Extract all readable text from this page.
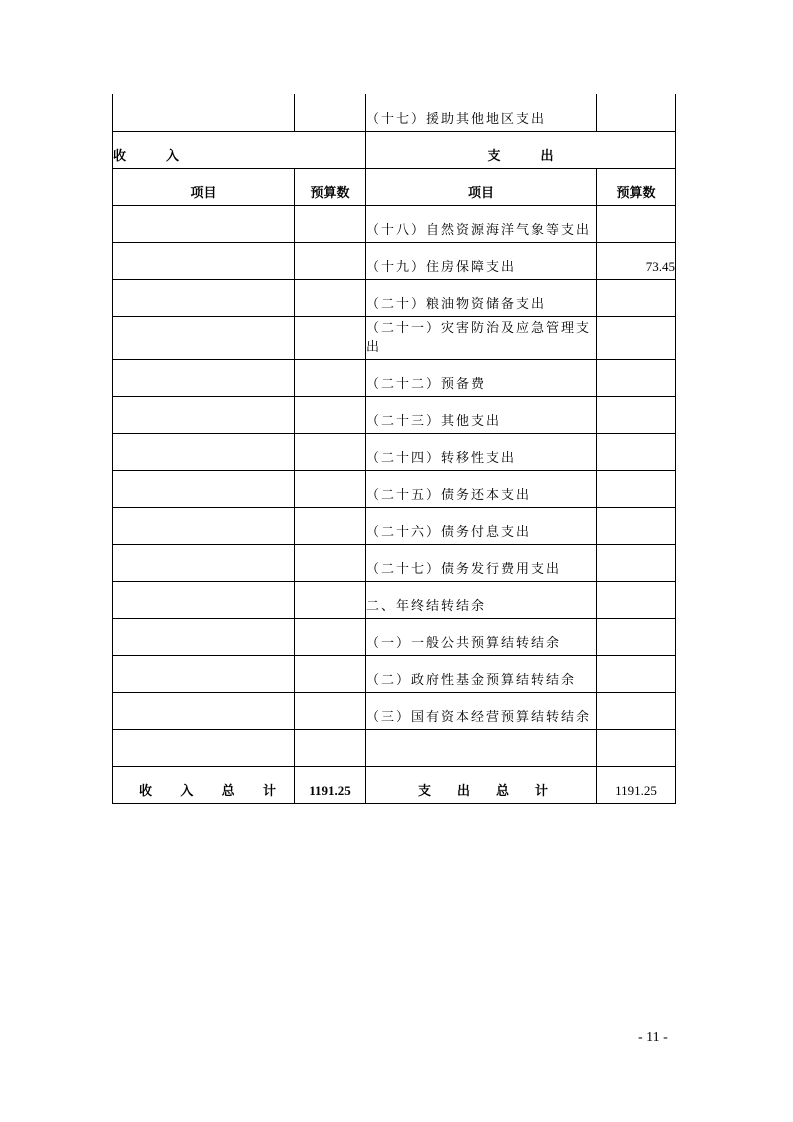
		（十七）援助其他地区支出	
收 入		支 出	
项目	预算数	项目	预算数
		（十八）自然资源海洋气象等支出	
		（十九）住房保障支出	73.45
		（二十）粮油物资储备支出	
		（二十一）灾害防治及应急管理支出	
		（二十二）预备费	
		（二十三）其他支出	
		（二十四）转移性支出	
		（二十五）债务还本支出	
		（二十六）债务付息支出	
		（二十七）债务发行费用支出	
		二、年终结转结余	
		（一）一般公共预算结转结余	
		（二）政府性基金预算结转结余	
		（三）国有资本经营预算结转结余	

收 入 总 计	1191.25	支 出 总 计	1191.25
- 11 -
